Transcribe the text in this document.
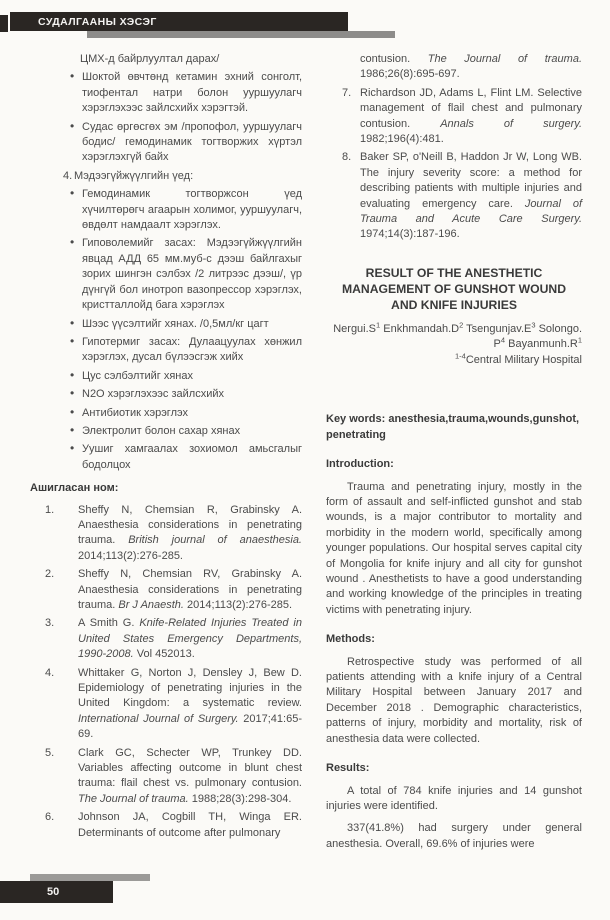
СУДАЛГААНЫ ХЭСЭГ
ЦМХ-д байрлуултал дарах/
• Шоктой өвчтөнд кетамин эхний сонголт, тиофентал натри болон ууршуулагч хэрэглэхээс зайлсхийх хэрэгтэй.
• Судас өргөсгөх эм /пропофол, ууршуулагч бодис/ гемодинамик тогтворжих хүртэл хэрэглэхгүй байх
4. Мэдээгүйжүүлгийн үед:
• Гемодинамик тогтворжсон үед хүчилтөрөгч агаарын холимог, ууршуулагч, өвдөлт намдаалт хэрэглэх.
• Гиповолемийг засах: Мэдээгүйжүүлгийн явцад АДД 65 мм.муб-с дээш байлгахыг зорих шингэн сэлбэх /2 литрээс дээш/, үр дүнгүй бол инотроп вазопрессор хэрэглэх, кристталлойд бага хэрэглэх
• Шээс үүсэлтийг хянах. /0,5мл/кг цагт
• Гипотермиг засах: Дулаацуулах хөнжил хэрэглэх, дусал бүлээсгэж хийх
• Цус сэлбэлтийг хянах
• N2O хэрэглэхээс зайлсхийх
• Антибиотик хэрэглэх
• Электролит болон сахар хянах
• Уушиг хамгаалах зохиомол амьсгалыг бодолцох
Ашигласан ном:
1. Sheffy N, Chemsian R, Grabinsky A. Anaesthesia considerations in penetrating trauma. British journal of anaesthesia. 2014;113(2):276-285.
2. Sheffy N, Chemsian RV, Grabinsky A. Anaesthesia considerations in penetrating trauma. Br J Anaesth. 2014;113(2):276-285.
3. A Smith G. Knife-Related Injuries Treated in United States Emergency Departments, 1990-2008. Vol 452013.
4. Whittaker G, Norton J, Densley J, Bew D. Epidemiology of penetrating injuries in the United Kingdom: a systematic review. International Journal of Surgery. 2017;41:65-69.
5. Clark GC, Schecter WP, Trunkey DD. Variables affecting outcome in blunt chest trauma: flail chest vs. pulmonary contusion. The Journal of trauma. 1988;28(3):298-304.
6. Johnson JA, Cogbill TH, Winga ER. Determinants of outcome after pulmonary
contusion. The Journal of trauma. 1986;26(8):695-697.
7. Richardson JD, Adams L, Flint LM. Selective management of flail chest and pulmonary contusion. Annals of surgery. 1982;196(4):481.
8. Baker SP, o'Neill B, Haddon Jr W, Long WB. The injury severity score: a method for describing patients with multiple injuries and evaluating emergency care. Journal of Trauma and Acute Care Surgery. 1974;14(3):187-196.
RESULT OF THE ANESTHETIC MANAGEMENT OF GUNSHOT WOUND AND KNIFE INJURIES
$Nergui.S^1$ $Enkhmandah.D^2$ $Tsengunjav.E^3$ Solongo.
$P^4$ $Bayanmunh.R^1$
$^{1-4}$Central Military Hospital
Key words: anesthesia,trauma,wounds,gunshot, penetrating
Introduction:

Trauma and penetrating injury, mostly in the form of assault and self-inflicted gunshot and stab wounds, is a major contributor to mortality and morbidity in the modern world, specifically among younger populations. Our hospital serves capital city of Mongolia for knife injury and all city for gunshot wound . Anesthetists to have a good understanding and working knowledge of the principles in treating victims with penetrating injury.

Methods:

Retrospective study was performed of all patients attending with a knife injury of a Central Military Hospital between January 2017 and December 2018 . Demographic characteristics, patterns of injury, morbidity and mortality, risk of anesthesia data were collected.

Results:

A total of 784 knife injuries and 14 gunshot injuries were identified.

337(41.8%) had surgery under general anesthesia. Overall, 69.6% of injuries were

50
